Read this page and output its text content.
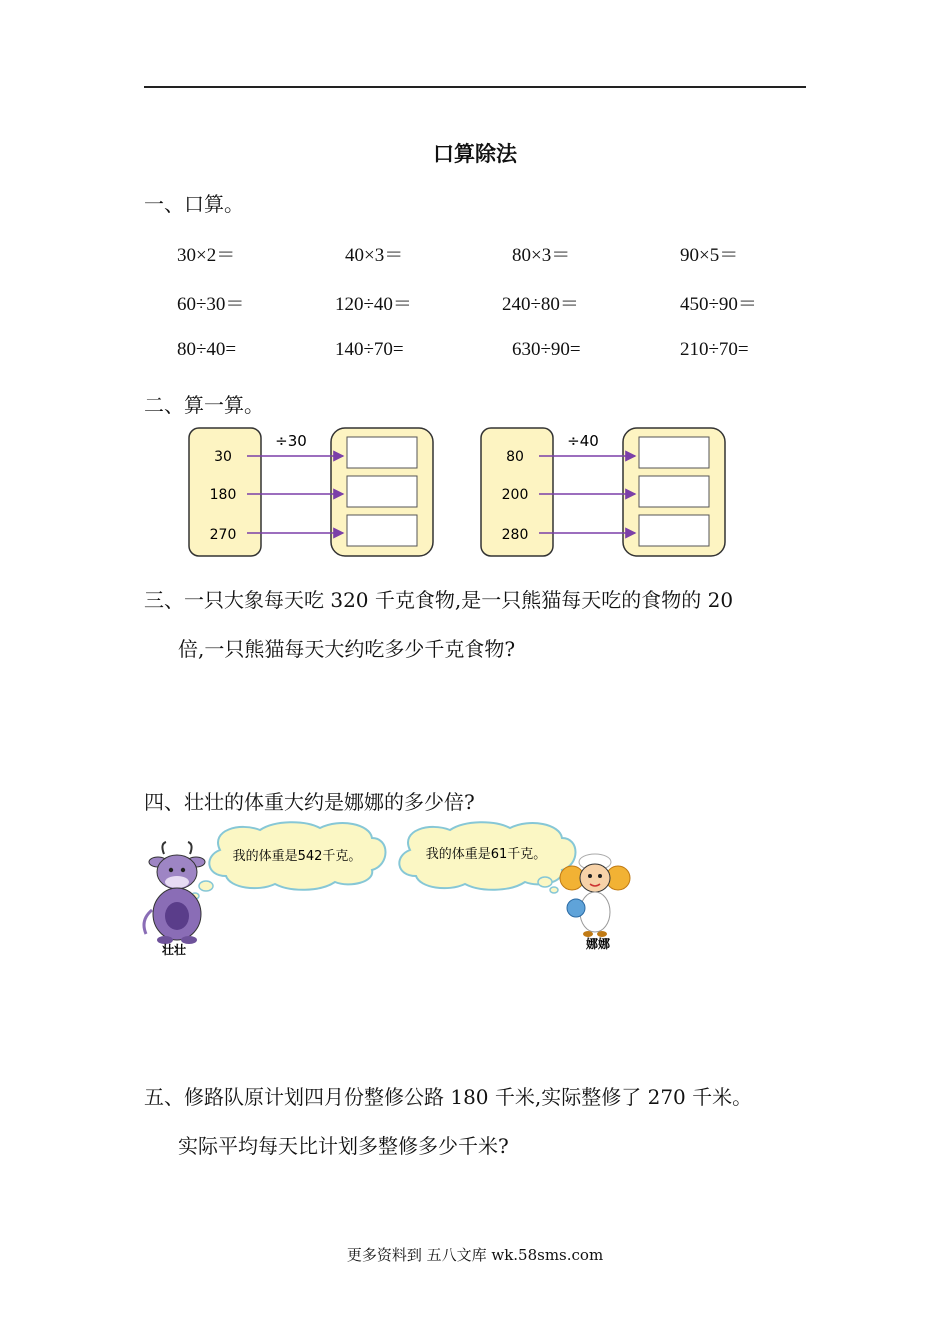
口算除法
一、口算。
30×2＝	40×3＝	80×3＝	90×5＝
60÷30＝	120÷40＝	240÷80＝	450÷90＝
80÷40=	140÷70=	630÷90=	210÷70=
二、算一算。
30
180
270
÷30
80
200
280
÷40
三、一只大象每天吃 320 千克食物,是一只熊猫每天吃的食物的 20
倍,一只熊猫每天大约吃多少千克食物?
四、壮壮的体重大约是娜娜的多少倍?
我的体重是542千克。	我的体重是61千克。
壮壮	娜娜
五、修路队原计划四月份整修公路 180 千米,实际整修了 270 千米。
实际平均每天比计划多整修多少千米?
更多资料到 五八文库 wk.58sms.com
